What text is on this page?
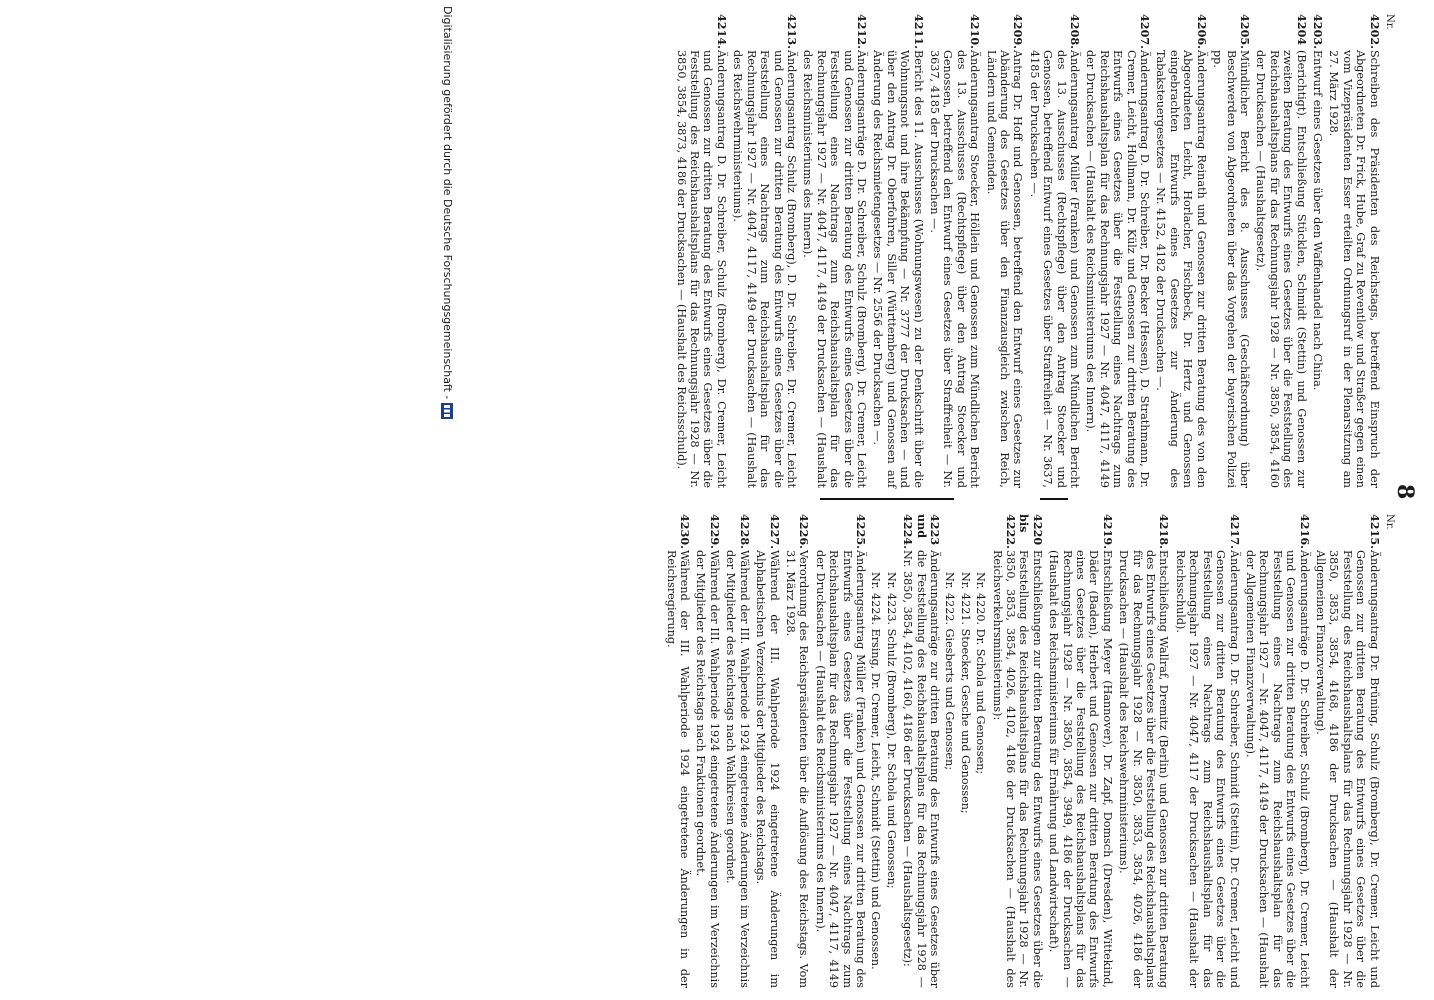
8
Nr.
4202.
Schreiben des Präsidenten des Reichstags, betreffend Einspruch der Abgeordneten Dr. Frick, Hube, Graf zu Reventlow und Straßer gegen einen vom Vizepräsidenten Esser erteilten Ordnungsruf in der Plenarsitzung am 27. März 1928.
4203.
Entwurf eines Gesetzes über den Waffenhandel nach China.
4204
(Berichtigt). Entschließung Stücklen, Schmidt (Stettin) und Genossen zur zweiten Beratung des Entwurfs eines Gesetzes über die Feststellung des Reichshaushaltsplans für das Rechnungsjahr 1928 — Nr. 3850, 3854, 4160 der Drucksachen — (Haushaltsgesetz).
4205.
Mündlicher Bericht des 8. Ausschusses (Geschäftsordnung) über Beschwerden von Abgeordneten über das Vorgehen der bayerischen Polizei pp.
4206.
Änderungsantrag Reinath und Genossen zur dritten Beratung des von den Abgeordneten Leicht, Horlacher, Fischbeck, Dr. Hertz und Genossen eingebrachten Entwurfs eines Gesetzes zur Änderung des Tabaksteuergesetzes — Nr. 4152, 4182 der Drucksachen —.
4207.
Änderungsantrag D. Dr. Schreiber, Dr. Becker (Hessen), D. Strathmann, Dr. Cremer, Leicht, Hollmann, Dr. Külz und Genossen zur dritten Beratung des Entwurfs eines Gesetzes über die Feststellung eines Nachtrags zum Reichshaushaltsplan für das Rechnungsjahr 1927 — Nr. 4047, 4117, 4149 der Drucksachen — (Haushalt des Reichsministeriums des Innern).
4208.
Änderungsantrag Müller (Franken) und Genossen zum Mündlichen Bericht des 13. Ausschusses (Rechtspflege) über den Antrag Stoecker und Genossen, betreffend Entwurf eines Gesetzes über Straffreiheit — Nr. 3637, 4185 der Drucksachen —.
4209.
Antrag Dr. Hoff und Genossen, betreffend den Entwurf eines Gesetzes zur Abänderung des Gesetzes über den Finanzausgleich zwischen Reich, Ländern und Gemeinden.
4210.
Änderungsantrag Stoecker, Höllein und Genossen zum Mündlichen Bericht des 13. Ausschusses (Rechtspflege) über den Antrag Stoecker und Genossen, betreffend den Entwurf eines Gesetzes über Straffreiheit — Nr. 3637, 4185 der Drucksachen —.
4211.
Bericht des 11. Ausschusses (Wohnungswesen) zu der Denkschrift über die Wohnungsnot und ihre Bekämpfung — Nr. 3777 der Drucksachen — und über den Antrag Dr. Oberfohren, Siller (Württemberg) und Genossen auf Änderung des Reichsmietengesetzes — Nr. 2556 der Drucksachen —.
4212.
Änderungsanträge D. Dr. Schreiber, Schulz (Bromberg), Dr. Cremer, Leicht und Genossen zur dritten Beratung des Entwurfs eines Gesetzes über die Feststellung eines Nachtrags zum Reichshaushaltsplan für das Rechnungsjahr 1927 — Nr. 4047, 4117, 4149 der Drucksachen — (Haushalt des Reichsministeriums des Innern).
4213.
Änderungsantrag Schulz (Bromberg), D. Dr. Schreiber, Dr. Cremer, Leicht und Genossen zur dritten Beratung des Entwurfs eines Gesetzes über die Feststellung eines Nachtrags zum Reichshaushaltsplan für das Rechnungsjahr 1927 — Nr. 4047, 4117, 4149 der Drucksachen — (Haushalt des Reichswehrministeriums).
4214.
Änderungsantrag D. Dr. Schreiber, Schulz (Bromberg), Dr. Cremer, Leicht und Genossen zur dritten Beratung des Entwurfs eines Gesetzes über die Feststellung des Reichshaushaltsplans für das Rechnungsjahr 1928 — Nr. 3850, 3854, 3873, 4186 der Drucksachen — (Haushalt des Reichsschuld).
Nr.
4215.
Änderungsantrag Dr. Brüning, Schulz (Bromberg), Dr. Cremer, Leicht und Genossen zur dritten Beratung des Entwurfs eines Gesetzes über die Feststellung des Reichshaushaltsplans für das Rechnungsjahr 1928 — Nr. 3850, 3853, 3854, 4168, 4186 der Drucksachen — (Haushalt der Allgemeinen Finanzverwaltung).
4216.
Änderungsanträge D. Dr. Schreiber, Schulz (Bromberg), Dr. Cremer, Leicht und Genossen zur dritten Beratung des Entwurfs eines Gesetzes über die Feststellung eines Nachtrags zum Reichshaushaltsplan für das Rechnungsjahr 1927 — Nr. 4047, 4117, 4149 der Drucksachen — (Haushalt der Allgemeinen Finanzverwaltung).
4217.
Änderungsantrag D. Dr. Schreiber, Schmidt (Stettin), Dr. Cremer, Leicht und Genossen zur dritten Beratung des Entwurfs eines Gesetzes über die Feststellung eines Nachtrags zum Reichshaushaltsplan für das Rechnungsjahr 1927 — Nr. 4047, 4117 der Drucksachen — (Haushalt der Reichsschuld).
4218.
Entschließung Wallraf, Dremitz (Berlin) und Genossen zur dritten Beratung des Entwurfs eines Gesetzes über die Feststellung des Reichshaushaltsplans für das Rechnungsjahr 1928 — Nr. 3850, 3853, 3854, 4026, 4186 der Drucksachen — (Haushalt des Reichswehrministeriums).
4219.
Entschließung Meyer (Hannover), Dr. Zapf, Domsch (Dresden), Wittekind, Däder (Baden), Herbert und Genossen zur dritten Beratung des Entwurfs eines Gesetzes über die Feststellung des Reichshaushaltsplans für das Rechnungsjahr 1928 — Nr. 3850, 3854, 3949, 4186 der Drucksachen — (Haushalt des Reichsministeriums für Ernährung und Landwirtschaft).
4220 bis 4222.
Entschließungen zur dritten Beratung des Entwurfs eines Gesetzes über die Feststellung des Reichshaushaltsplans für das Rechnungsjahr 1928 — Nr. 3850, 3853, 3854, 4026, 4102, 4186 der Drucksachen — (Haushalt des Reichsverkehrsministeriums):
Nr. 4220. Dr. Schola und Genossen;
Nr. 4221. Stoecker, Gesche und Genossen;
Nr. 4222. Giesberts und Genossen;
4223 und 4224.
Änderungsanträge zur dritten Beratung des Entwurfs eines Gesetzes über die Feststellung des Reichshaushaltsplans für das Rechnungsjahr 1928 — Nr. 3850, 3854, 4102, 4160, 4186 der Drucksachen — (Haushaltsgesetz):
Nr. 4223. Schulz (Bromberg), Dr. Schola und Genossen;
Nr. 4224. Ersing, Dr. Cremer, Leicht, Schmidt (Stettin) und Genossen.
4225.
Änderungsantrag Müller (Franken) und Genossen zur dritten Beratung des Entwurfs eines Gesetzes über die Feststellung eines Nachtrags zum Reichshaushaltsplan für das Rechnungsjahr 1927 — Nr. 4047, 4117, 4149 der Drucksachen — (Haushalt des Reichsministeriums des Innern).
4226.
Verordnung des Reichspräsidenten über die Auflösung des Reichstags. Vom 31. März 1928.
4227.
Während der III. Wahlperiode 1924 eingetretene Änderungen im Alphabetischen Verzeichnis der Mitglieder des Reichstags.
4228.
Während der III. Wahlperiode 1924 eingetretene Änderungen im Verzeichnis der Mitglieder des Reichstags nach Wahlkreisen geordnet.
4229.
Während der III. Wahlperiode 1924 eingetretene Änderungen im Verzeichnis der Mitglieder des Reichstags nach Fraktionen geordnet.
4230.
Während der III. Wahlperiode 1924 eingetretene Änderungen in der Reichsregierung.
Digitalisierung gefördert durch die Deutsche Forschungsgemeinschaft -
